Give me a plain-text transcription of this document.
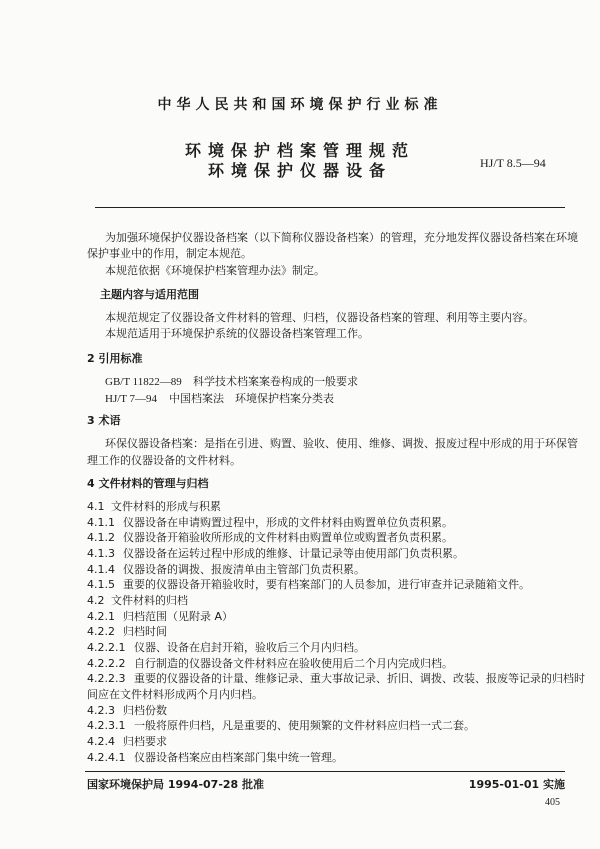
中华人民共和国环境保护行业标准
环境保护档案管理规范
环境保护仪器设备	HJ/T 8.5—94
为加强环境保护仪器设备档案（以下简称仪器设备档案）的管理，充分地发挥仪器设备档案在环境
保护事业中的作用，制定本规范。
本规范依据《环境保护档案管理办法》制定。
主题内容与适用范围
本规范规定了仪器设备文件材料的管理、归档，仪器设备档案的管理、利用等主要内容。
本规范适用于环境保护系统的仪器设备档案管理工作。
2 引用标准
GB/T 11822—89 科学技术档案案卷构成的一般要求
HJ/T 7—94 中国档案法　环境保护档案分类表
3 术语
环保仪器设备档案：是指在引进、购置、验收、使用、维修、调拨、报废过程中形成的用于环保管
理工作的仪器设备的文件材料。
4 文件材料的管理与归档
4.1 文件材料的形成与积累
4.1.1 仪器设备在申请购置过程中，形成的文件材料由购置单位负责积累。
4.1.2 仪器设备开箱验收所形成的文件材料由购置单位或购置者负责积累。
4.1.3 仪器设备在运转过程中形成的维修、计量记录等由使用部门负责积累。
4.1.4 仪器设备的调拨、报废清单由主管部门负责积累。
4.1.5 重要的仪器设备开箱验收时，要有档案部门的人员参加，进行审查并记录随箱文件。
4.2 文件材料的归档
4.2.1 归档范围（见附录 A）
4.2.2 归档时间
4.2.2.1 仪器、设备在启封开箱，验收后三个月内归档。
4.2.2.2 自行制造的仪器设备文件材料应在验收使用后二个月内完成归档。
4.2.2.3 重要的仪器设备的计量、维修记录、重大事故记录、折旧、调拨、改装、报废等记录的归档时
间应在文件材料形成两个月内归档。
4.2.3 归档份数
4.2.3.1 一般将原件归档，凡是重要的、使用频繁的文件材料应归档一式二套。
4.2.4 归档要求
4.2.4.1 仪器设备档案应由档案部门集中统一管理。
国家环境保护局 1994-07-28 批准	1995-01-01 实施
405
